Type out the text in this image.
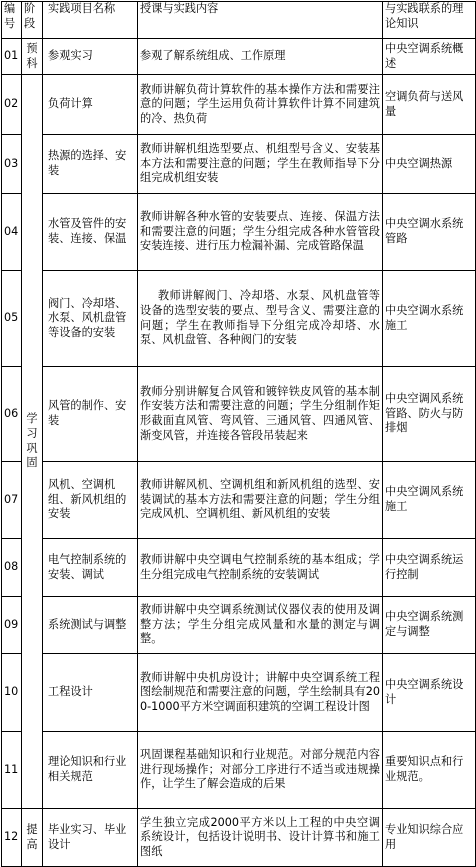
编号	阶段	实践项目名称	授课与实践内容	与实践联系的理论知识
01	预科	参观实习	参观了解系统组成、工作原理	中央空调系统概述
02	学习巩固	负荷计算	教师讲解负荷计算软件的基本操作方法和需要注意的问题；学生运用负荷计算软件计算不同建筑的冷、热负荷	空调负荷与送风量
03		热源的选择、安装	教师讲解机组选型要点、机组型号含义、安装基本方法和需要注意的问题；学生在教师指导下分组完成机组安装	中央空调热源
04		水管及管件的安装、连接、保温	教师讲解各种水管的安装要点、连接、保温方法和需要注意的问题；学生分组完成各种水管管段安装连接、进行压力检漏补漏、完成管路保温	中央空调水系统管路
05		阀门、冷却塔、水泵、风机盘管等设备的安装	教师讲解阀门、冷却塔、水泵、风机盘管等设备的选型安装的要点、型号含义、需要注意的问题；学生在教师指导下分组完成冷却塔、水泵、风机盘管、各种阀门的安装	中央空调水系统施工
06		风管的制作、安装	教师分别讲解复合风管和镀锌铁皮风管的基本制作安装方法和需要注意的问题；学生分组制作矩形截面直风管、弯风管、三通风管、四通风管、渐变风管，并连接各管段吊装起来	中央空调风系统管路、防火与防排烟
07		风机、空调机组、新风机组的安装	教师讲解风机、空调机组和新风机组的选型、安装调试的基本方法和需要注意的问题；学生分组完成风机、空调机组、新风机组的安装	中央空调风系统施工
08		电气控制系统的安装、调试	教师讲解中央空调电气控制系统的基本组成；学生分组完成电气控制系统的安装调试	中央空调系统运行控制
09		系统测试与调整	教师讲解中央空调系统测试仪器仪表的使用及调整方法；学生分组完成风量和水量的测定与调整。	中央空调系统测定与调整
10		工程设计	教师讲解中央机房设计；讲解中央空调系统工程图绘制规范和需要注意的问题，学生绘制具有200-1000平方米空调面积建筑的空调工程设计图	中央空调系统设计
11		理论知识和行业相关规范	巩固课程基础知识和行业规范。对部分规范内容进行现场操作；对部分工序进行不适当或违规操作，让学生了解会造成的后果	重要知识点和行业规范。
12	提高	毕业实习、毕业设计	学生独立完成2000平方米以上工程的中央空调系统设计，包括设计说明书、设计计算书和施工图纸	专业知识综合应用
